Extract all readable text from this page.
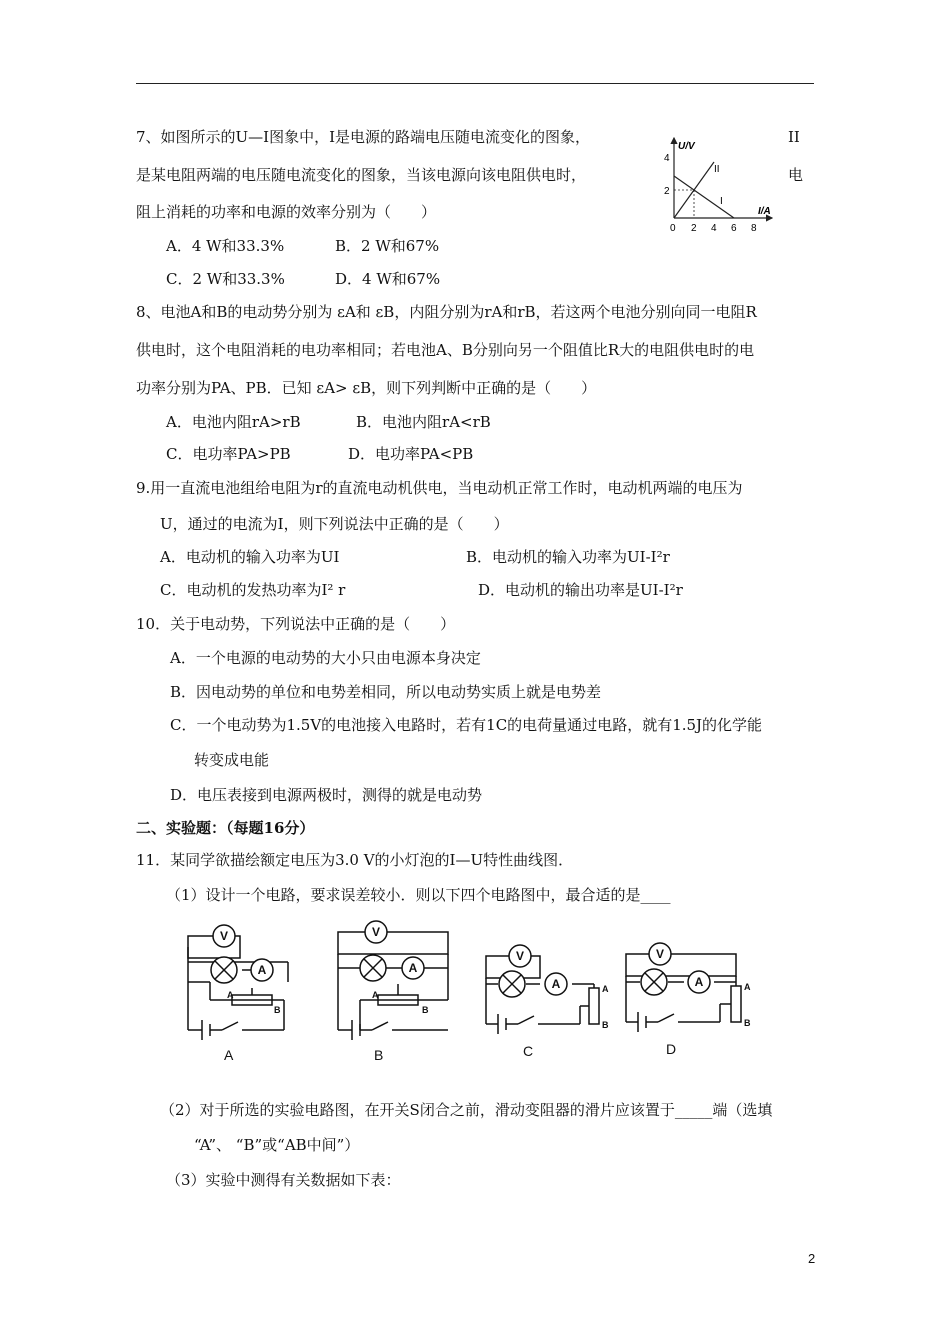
7、如图所示的U—I图象中，I是电源的路端电压随电流变化的图象，	II
是某电阻两端的电压随电流变化的图象，当该电源向该电阻供电时，	电
阻上消耗的功率和电源的效率分别为（　　）
A．4 W和33.3%	B．2 W和67%
C．2 W和33.3%	D．4 W和67%
U/V
I/A
4
2
0 2 4 6 8
I
II
8、电池A和B的电动势分别为 εA和 εB，内阻分别为rA和rB，若这两个电池分别向同一电阻R
供电时，这个电阻消耗的电功率相同；若电池A、B分别向另一个阻值比R大的电阻供电时的电
功率分别为PA、PB．已知 εA> εB，则下列判断中正确的是（　　）
A．电池内阻rA>rB	B．电池内阻rA<rB
C．电功率PA>PB	D．电功率PA<PB
9.用一直流电池组给电阻为r的直流电动机供电，当电动机正常工作时，电动机两端的电压为
U，通过的电流为I，则下列说法中正确的是（　　）
A．电动机的输入功率为UI	B．电动机的输入功率为UI-I²r
C．电动机的发热功率为I² r	D．电动机的输出功率是UI-I²r
10．关于电动势，下列说法中正确的是（　　）
A．一个电源的电动势的大小只由电源本身决定
B．因电动势的单位和电势差相同，所以电动势实质上就是电势差
C．一个电动势为1.5V的电池接入电路时，若有1C的电荷量通过电路，就有1.5J的化学能
转变成电能
D．电压表接到电源两极时，测得的就是电动势
二、实验题：（每题16分）
11．某同学欲描绘额定电压为3.0 V的小灯泡的I—U特性曲线图．
（1）设计一个电路，要求误差较小．则以下四个电路图中，最合适的是____
V
A
V
A
V
A
V
A
A
B
A
B
A
B
A
B
A	B	C	D
（2）对于所选的实验电路图，在开关S闭合之前，滑动变阻器的滑片应该置于_____端（选填
“A”、 “B”或“AB中间”）
（3）实验中测得有关数据如下表：
2
